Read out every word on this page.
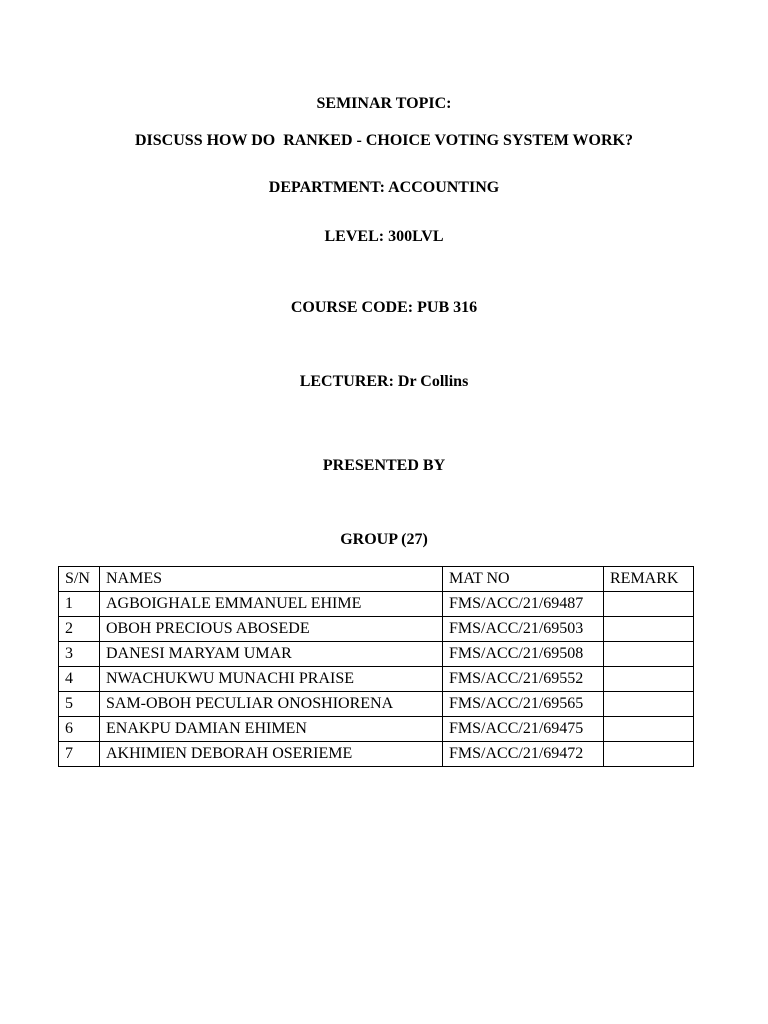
SEMINAR TOPIC:
DISCUSS HOW DO  RANKED - CHOICE VOTING SYSTEM WORK?
DEPARTMENT: ACCOUNTING
LEVEL: 300LVL
COURSE CODE: PUB 316
LECTURER: Dr Collins
PRESENTED BY
GROUP (27)
S/N	NAMES	MAT NO	REMARK
1	AGBOIGHALE EMMANUEL EHIME	FMS/ACC/21/69487	
2	OBOH PRECIOUS ABOSEDE	FMS/ACC/21/69503	
3	DANESI MARYAM UMAR	FMS/ACC/21/69508	
4	NWACHUKWU MUNACHI PRAISE	FMS/ACC/21/69552	
5	SAM-OBOH PECULIAR ONOSHIORENA	FMS/ACC/21/69565	
6	ENAKPU DAMIAN EHIMEN	FMS/ACC/21/69475	
7	AKHIMIEN DEBORAH OSERIEME	FMS/ACC/21/69472	
